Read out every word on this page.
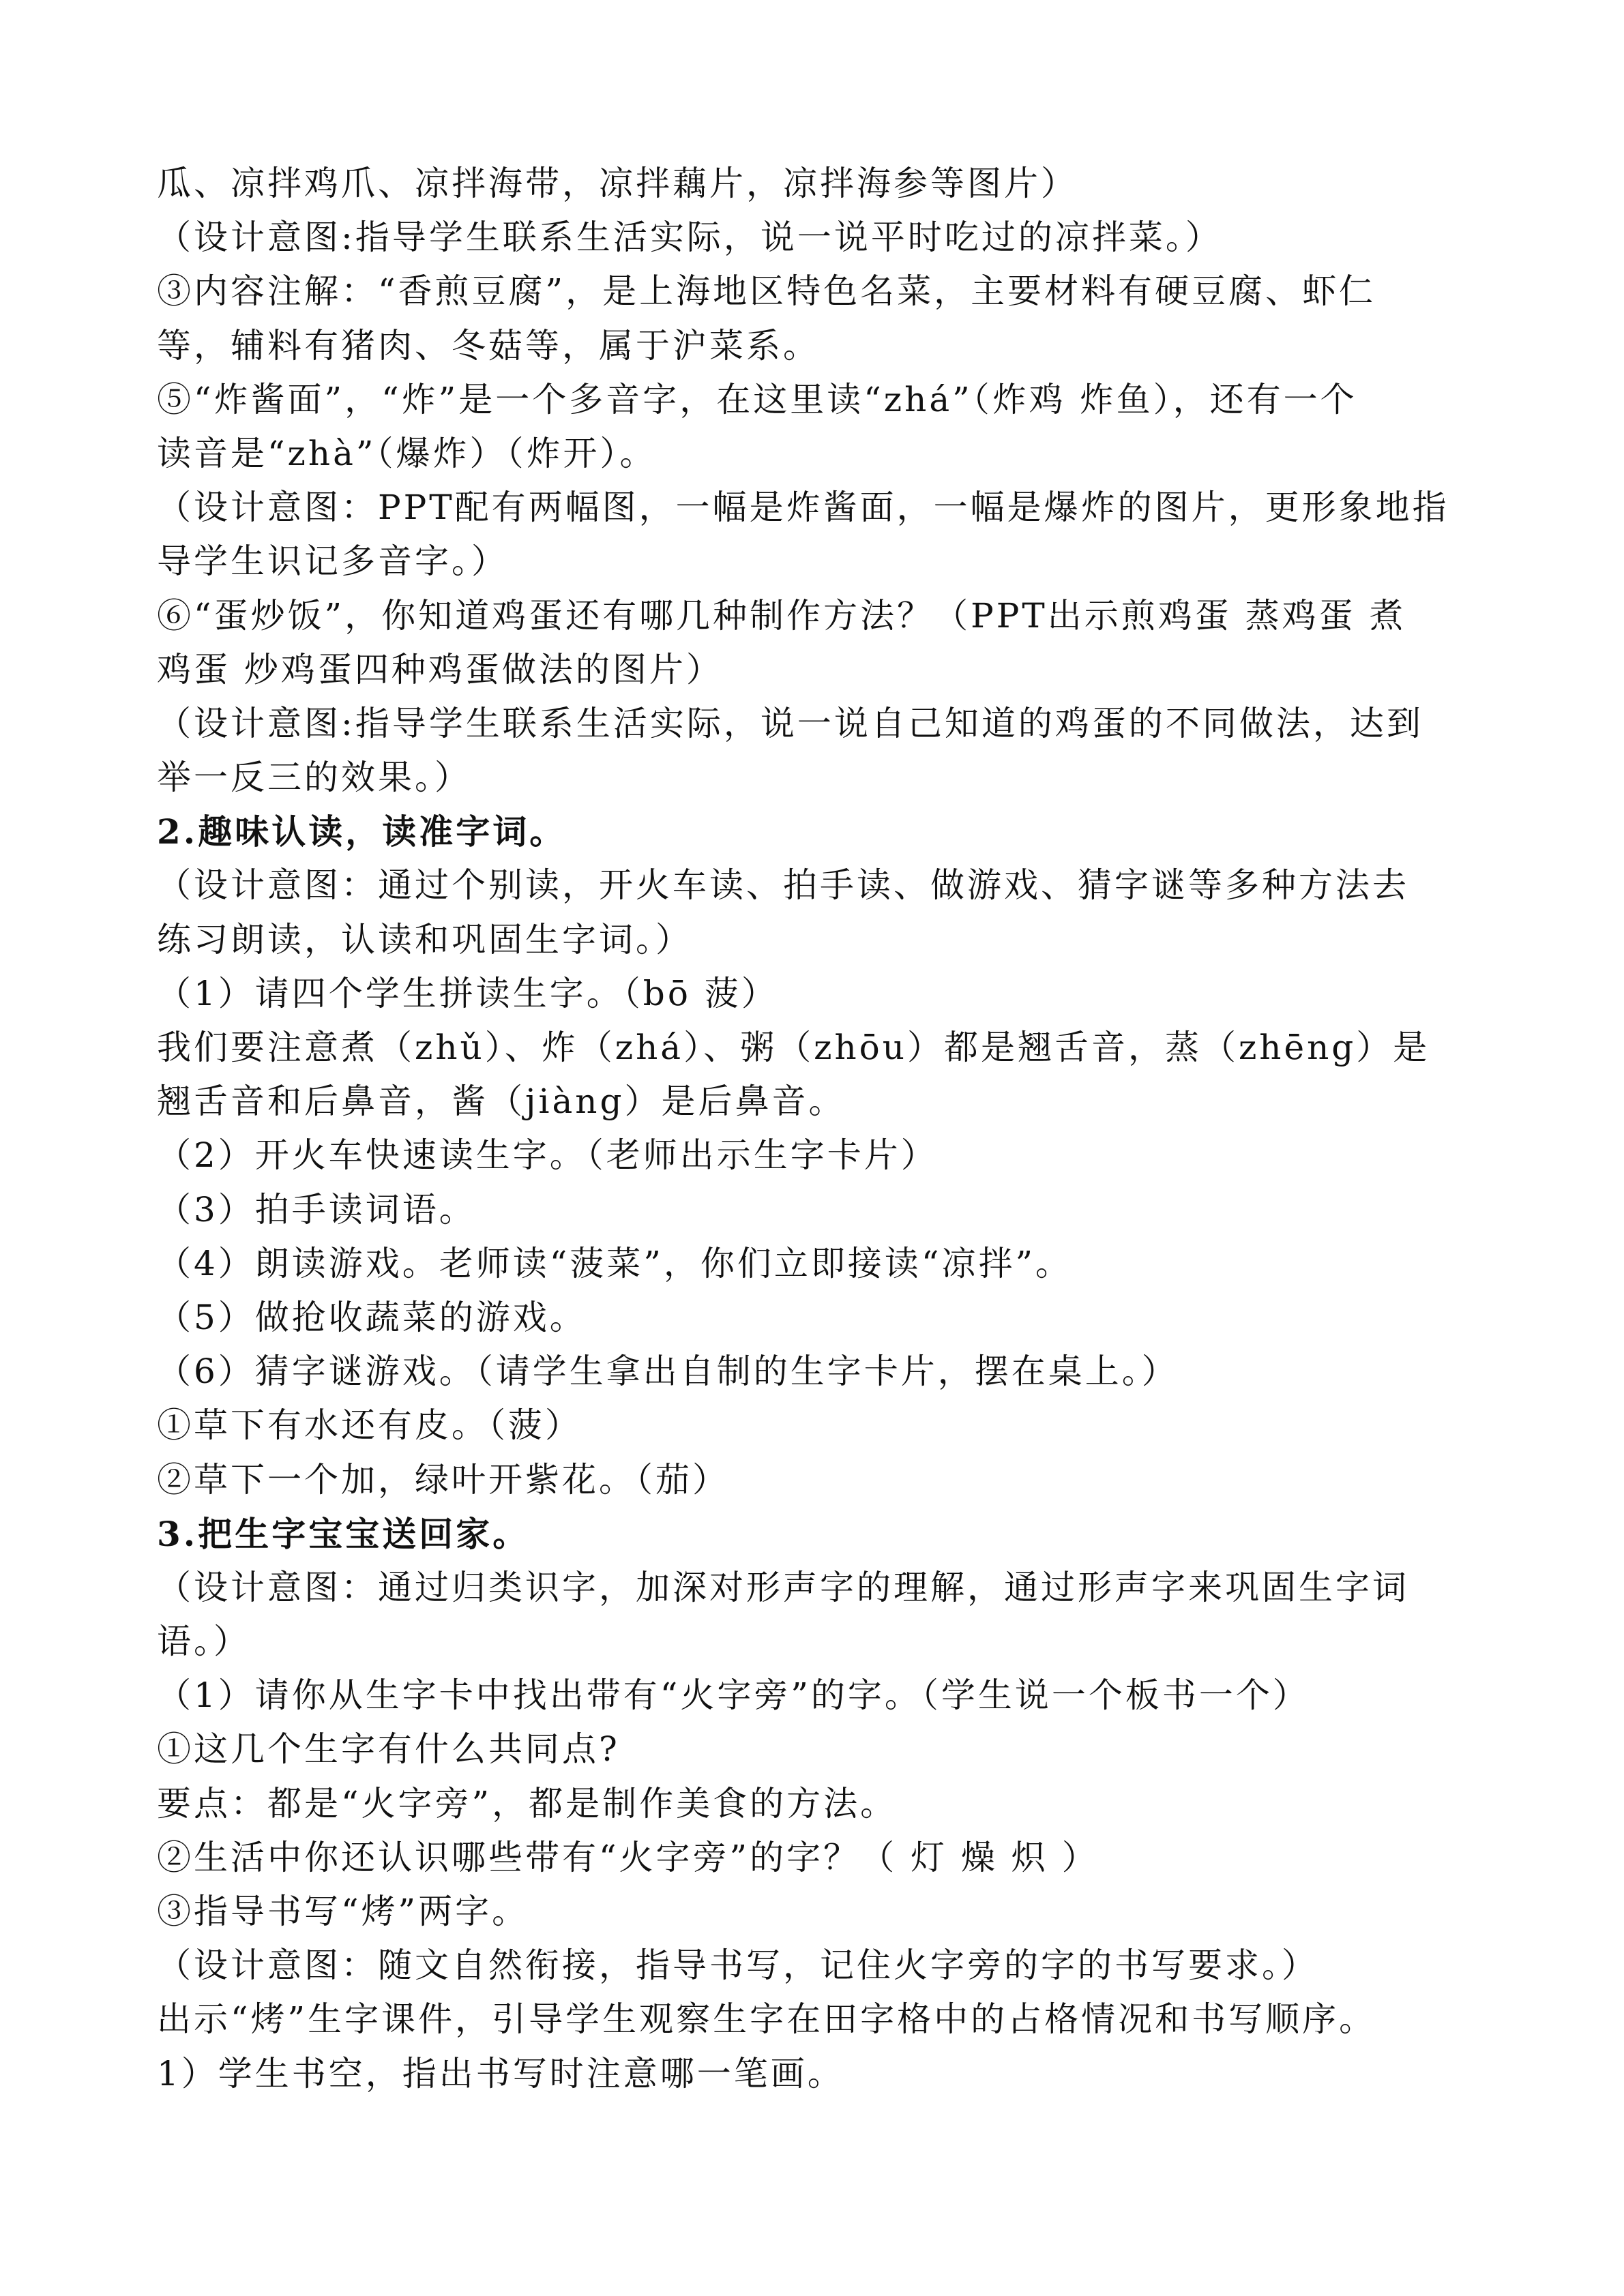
瓜、凉拌鸡爪、凉拌海带，凉拌藕片，凉拌海参等图片）
（设计意图:指导学生联系生活实际，说一说平时吃过的凉拌菜。）
③内容注解：“香煎豆腐”，是上海地区特色名菜，主要材料有硬豆腐、虾仁
等，辅料有猪肉、冬菇等，属于沪菜系。
⑤“炸酱面”，“炸”是一个多音字，在这里读“zhá”（炸鸡 炸鱼），还有一个
读音是“zhà”（爆炸）（炸开）。
（设计意图：PPT配有两幅图，一幅是炸酱面，一幅是爆炸的图片，更形象地指
导学生识记多音字。）
⑥“蛋炒饭”，你知道鸡蛋还有哪几种制作方法？（PPT出示煎鸡蛋 蒸鸡蛋 煮
鸡蛋 炒鸡蛋四种鸡蛋做法的图片）
（设计意图:指导学生联系生活实际，说一说自己知道的鸡蛋的不同做法，达到
举一反三的效果。）
2.趣味认读，读准字词。
（设计意图：通过个别读，开火车读、拍手读、做游戏、猜字谜等多种方法去
练习朗读，认读和巩固生字词。）
（1）请四个学生拼读生字。（bō 菠）
我们要注意煮（zhǔ）、炸（zhá）、粥（zhōu）都是翘舌音，蒸（zhēng）是
翘舌音和后鼻音，酱（jiàng）是后鼻音。
（2）开火车快速读生字。（老师出示生字卡片）
（3）拍手读词语。
（4）朗读游戏。老师读“菠菜”，你们立即接读“凉拌”。
（5）做抢收蔬菜的游戏。
（6）猜字谜游戏。（请学生拿出自制的生字卡片，摆在桌上。）
①草下有水还有皮。（菠）
②草下一个加，绿叶开紫花。（茄）
3.把生字宝宝送回家。
（设计意图：通过归类识字，加深对形声字的理解，通过形声字来巩固生字词
语。）
（1）请你从生字卡中找出带有“火字旁”的字。（学生说一个板书一个）
①这几个生字有什么共同点?
要点：都是“火字旁”，都是制作美食的方法。
②生活中你还认识哪些带有“火字旁”的字？（ 灯 燥 炽 ）
③指导书写“烤”两字。
（设计意图：随文自然衔接，指导书写，记住火字旁的字的书写要求。）
出示“烤”生字课件，引导学生观察生字在田字格中的占格情况和书写顺序。
1）学生书空，指出书写时注意哪一笔画。
